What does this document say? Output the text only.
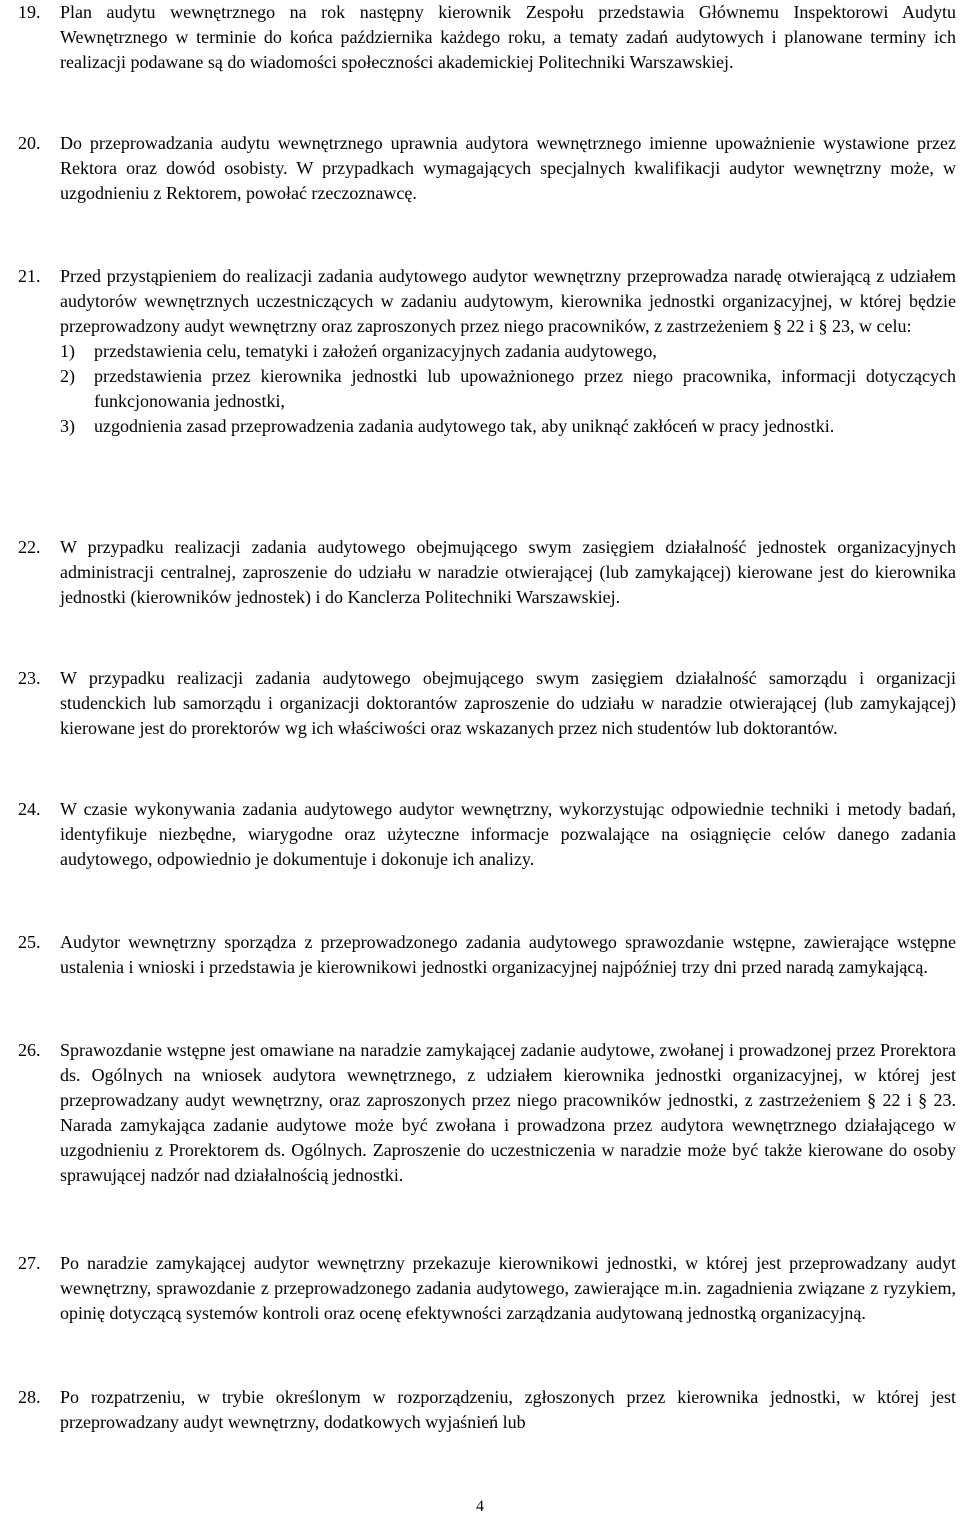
19.	Plan audytu wewnętrznego na rok następny kierownik Zespołu przedstawia Głównemu Inspektorowi Audytu Wewnętrznego w terminie do końca października każdego roku, a tematy zadań audytowych i planowane terminy ich realizacji podawane są do wiadomości społeczności akademickiej Politechniki Warszawskiej.

20.	Do przeprowadzania audytu wewnętrznego uprawnia audytora wewnętrznego imienne upoważnienie wystawione przez Rektora oraz dowód osobisty. W przypadkach wymagających specjalnych kwalifikacji audytor wewnętrzny może, w uzgodnieniu z Rektorem, powołać rzeczoznawcę.

21.	Przed przystąpieniem do realizacji zadania audytowego audytor wewnętrzny przeprowadza naradę otwierającą z udziałem audytorów wewnętrznych uczestniczących w zadaniu audytowym, kierownika jednostki organizacyjnej, w której będzie przeprowadzony audyt wewnętrzny oraz zaproszonych przez niego pracowników, z zastrzeżeniem § 22 i § 23, w celu:

1) przedstawienia celu, tematyki i założeń organizacyjnych zadania audytowego,
2) przedstawienia przez kierownika jednostki lub upoważnionego przez niego pracownika, informacji dotyczących funkcjonowania jednostki,
3) uzgodnienia zasad przeprowadzenia zadania audytowego tak, aby uniknąć zakłóceń w pracy jednostki.
22.	W przypadku realizacji zadania audytowego obejmującego swym zasięgiem działalność jednostek organizacyjnych administracji centralnej, zaproszenie do udziału w naradzie otwierającej (lub zamykającej) kierowane jest do kierownika jednostki (kierowników jednostek) i do Kanclerza Politechniki Warszawskiej.

23.	W przypadku realizacji zadania audytowego obejmującego swym zasięgiem działalność samorządu i organizacji studenckich lub samorządu i organizacji doktorantów zaproszenie do udziału w naradzie otwierającej (lub zamykającej) kierowane jest do prorektorów wg ich właściwości oraz wskazanych przez nich studentów lub doktorantów.

24.	W czasie wykonywania zadania audytowego audytor wewnętrzny, wykorzystując odpowiednie techniki i metody badań, identyfikuje niezbędne, wiarygodne oraz użyteczne informacje pozwalające na osiągnięcie celów danego zadania audytowego, odpowiednio je dokumentuje i dokonuje ich analizy.

25.	Audytor wewnętrzny sporządza z przeprowadzonego zadania audytowego sprawozdanie wstępne, zawierające wstępne ustalenia i wnioski i przedstawia je kierownikowi jednostki organizacyjnej najpóźniej trzy dni przed naradą zamykającą.

26.	Sprawozdanie wstępne jest omawiane na naradzie zamykającej zadanie audytowe, zwołanej i prowadzonej przez Prorektora ds. Ogólnych na wniosek audytora wewnętrznego, z udziałem kierownika jednostki organizacyjnej, w której jest przeprowadzany audyt wewnętrzny, oraz zaproszonych przez niego pracowników jednostki, z zastrzeżeniem § 22 i § 23. Narada zamykająca zadanie audytowe może być zwołana i prowadzona przez audytora wewnętrznego działającego w uzgodnieniu z Prorektorem ds. Ogólnych. Zaproszenie do uczestniczenia w naradzie może być także kierowane do osoby sprawującej nadzór nad działalnością jednostki.

27.	Po naradzie zamykającej audytor wewnętrzny przekazuje kierownikowi jednostki, w której jest przeprowadzany audyt wewnętrzny, sprawozdanie z przeprowadzonego zadania audytowego, zawierające m.in. zagadnienia związane z ryzykiem, opinię dotyczącą systemów kontroli oraz ocenę efektywności zarządzania audytowaną jednostką organizacyjną.

28.	Po rozpatrzeniu, w trybie określonym w rozporządzeniu, zgłoszonych przez kierownika jednostki, w której jest przeprowadzany audyt wewnętrzny, dodatkowych wyjaśnień lub

4
